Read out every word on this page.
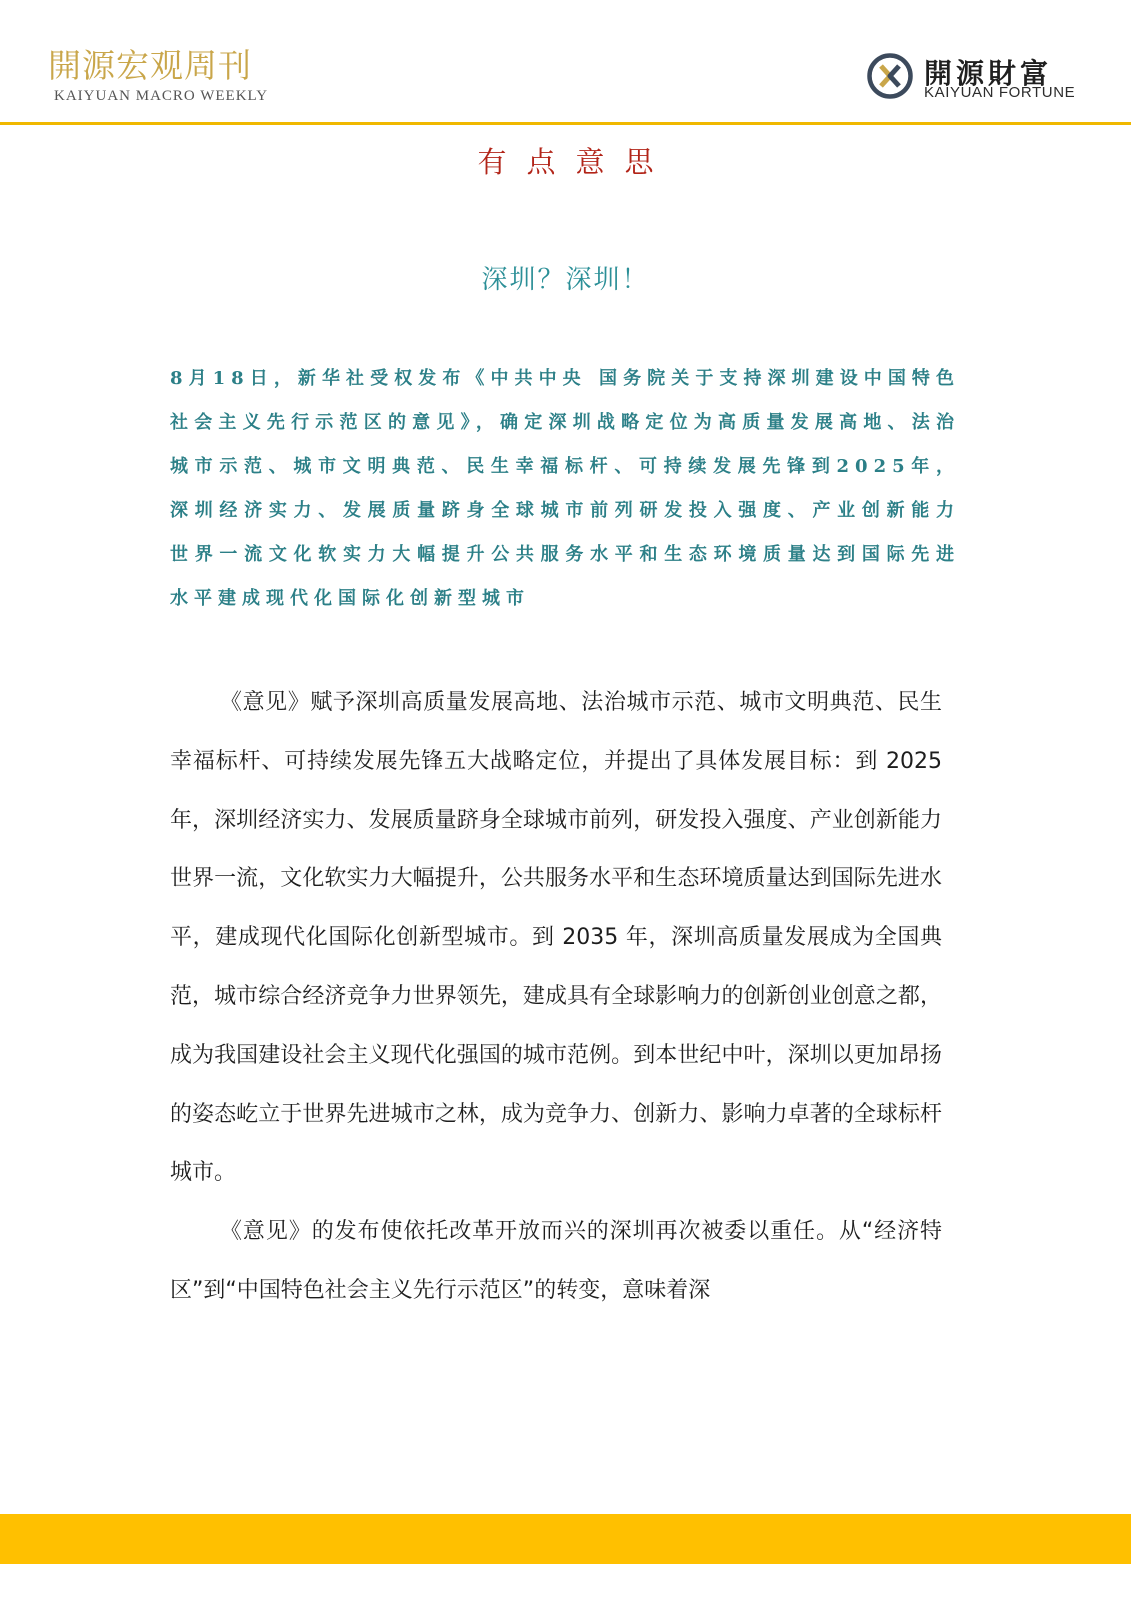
開源宏观周刊
KAIYUAN MACRO WEEKLY
開源財富
KAIYUAN FORTUNE
有点意思
深圳？深圳！

8月18日，新华社受权发布《中共中央 国务院关于支持深圳建设中国特色社会主义先行示范区的意见》，确定深圳战略定位为高质量发展高地、法治城市示范、城市文明典范、民生幸福标杆、可持续发展先锋到2025年，深圳经济实力、发展质量跻身全球城市前列研发投入强度、产业创新能力世界一流文化软实力大幅提升公共服务水平和生态环境质量达到国际先进水平建成现代化国际化创新型城市

《意见》赋予深圳高质量发展高地、法治城市示范、城市文明典范、民生幸福标杆、可持续发展先锋五大战略定位，并提出了具体发展目标：到 2025 年，深圳经济实力、发展质量跻身全球城市前列，研发投入强度、产业创新能力世界一流，文化软实力大幅提升，公共服务水平和生态环境质量达到国际先进水平，建成现代化国际化创新型城市。到 2035 年，深圳高质量发展成为全国典范，城市综合经济竞争力世界领先，建成具有全球影响力的创新创业创意之都，成为我国建设社会主义现代化强国的城市范例。到本世纪中叶，深圳以更加昂扬的姿态屹立于世界先进城市之林，成为竞争力、创新力、影响力卓著的全球标杆城市。

《意见》的发布使依托改革开放而兴的深圳再次被委以重任。从“经济特区”到“中国特色社会主义先行示范区”的转变，意味着深
